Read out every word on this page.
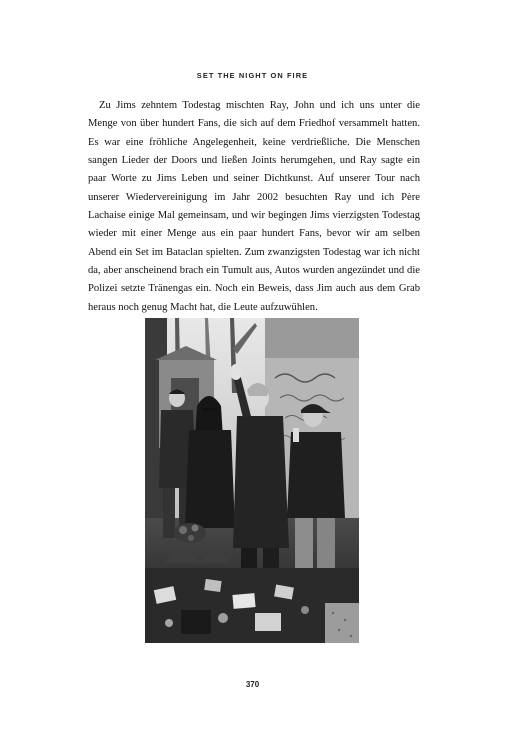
SET THE NIGHT ON FIRE

Zu Jims zehntem Todestag mischten Ray, John und ich uns unter die Menge von über hundert Fans, die sich auf dem Friedhof versammelt hatten. Es war eine fröhliche Angelegenheit, keine verdrießliche. Die Menschen sangen Lieder der Doors und ließen Joints herumgehen, und Ray sagte ein paar Worte zu Jims Leben und seiner Dichtkunst. Auf unserer Tour nach unserer Wiedervereinigung im Jahr 2002 besuchten Ray und ich Père Lachaise einige Mal gemeinsam, und wir begingen Jims vierzigsten Todestag wieder mit einer Menge aus ein paar hundert Fans, bevor wir am selben Abend ein Set im Bataclan spielten. Zum zwanzigsten Todestag war ich nicht da, aber anscheinend brach ein Tumult aus, Autos wurden angezündet und die Polizei setzte Tränengas ein. Noch ein Beweis, dass Jim auch aus dem Grab heraus noch genug Macht hat, die Leute aufzuwühlen.

370
